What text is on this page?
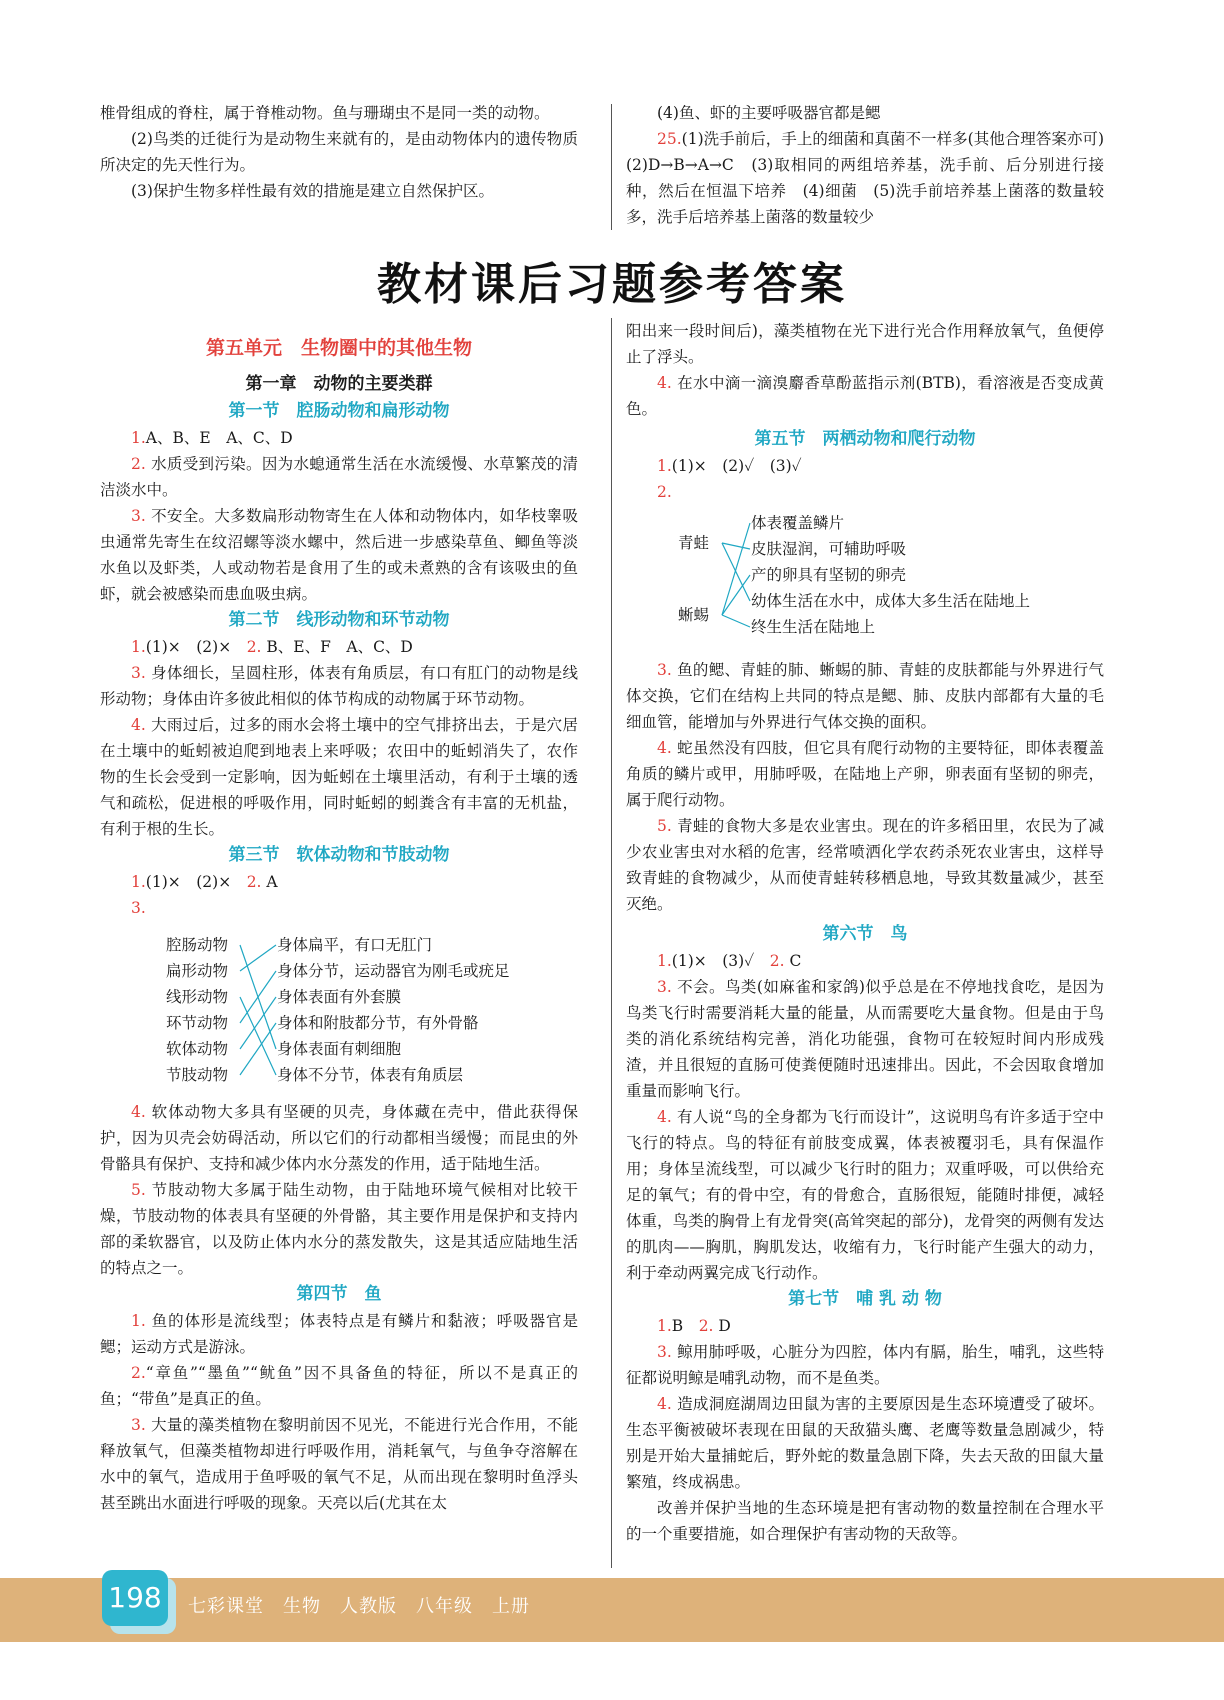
椎骨组成的脊柱，属于脊椎动物。鱼与珊瑚虫不是同一类的动物。

(2)鸟类的迁徙行为是动物生来就有的，是由动物体内的遗传物质所决定的先天性行为。

(3)保护生物多样性最有效的措施是建立自然保护区。

(4)鱼、虾的主要呼吸器官都是鳃

25.(1)洗手前后，手上的细菌和真菌不一样多(其他合理答案亦可)　(2)D→B→A→C　(3)取相同的两组培养基，洗手前、后分别进行接种，然后在恒温下培养　(4)细菌　(5)洗手前培养基上菌落的数量较多，洗手后培养基上菌落的数量较少

教材课后习题参考答案
第五单元　生物圈中的其他生物
第一章　动物的主要类群
第一节　腔肠动物和扁形动物

1.A、B、E　A、C、D

2. 水质受到污染。因为水螅通常生活在水流缓慢、水草繁茂的清洁淡水中。

3. 不安全。大多数扁形动物寄生在人体和动物体内，如华枝睾吸虫通常先寄生在纹沼螺等淡水螺中，然后进一步感染草鱼、鲫鱼等淡水鱼以及虾类，人或动物若是食用了生的或未煮熟的含有该吸虫的鱼虾，就会被感染而患血吸虫病。

第二节　线形动物和环节动物

1.(1)×　(2)×　2. B、E、F　A、C、D

3. 身体细长，呈圆柱形，体表有角质层，有口有肛门的动物是线形动物；身体由许多彼此相似的体节构成的动物属于环节动物。

4. 大雨过后，过多的雨水会将土壤中的空气排挤出去，于是穴居在土壤中的蚯蚓被迫爬到地表上来呼吸；农田中的蚯蚓消失了，农作物的生长会受到一定影响，因为蚯蚓在土壤里活动，有利于土壤的透气和疏松，促进根的呼吸作用，同时蚯蚓的蚓粪含有丰富的无机盐，有利于根的生长。

第三节　软体动物和节肢动物

1.(1)×　(2)×　2. A

3.

腔肠动物
扁形动物
线形动物
环节动物
软体动物
节肢动物
身体扁平，有口无肛门
身体分节，运动器官为刚毛或疣足
身体表面有外套膜
身体和附肢都分节，有外骨骼
身体表面有刺细胞
身体不分节，体表有角质层

4. 软体动物大多具有坚硬的贝壳，身体藏在壳中，借此获得保护，因为贝壳会妨碍活动，所以它们的行动都相当缓慢；而昆虫的外骨骼具有保护、支持和减少体内水分蒸发的作用，适于陆地生活。

5. 节肢动物大多属于陆生动物，由于陆地环境气候相对比较干燥，节肢动物的体表具有坚硬的外骨骼，其主要作用是保护和支持内部的柔软器官，以及防止体内水分的蒸发散失，这是其适应陆地生活的特点之一。

第四节　鱼

1. 鱼的体形是流线型；体表特点是有鳞片和黏液；呼吸器官是鳃；运动方式是游泳。

2.“章鱼”“墨鱼”“鱿鱼”因不具备鱼的特征，所以不是真正的鱼；“带鱼”是真正的鱼。

3. 大量的藻类植物在黎明前因不见光，不能进行光合作用，不能释放氧气，但藻类植物却进行呼吸作用，消耗氧气，与鱼争夺溶解在水中的氧气，造成用于鱼呼吸的氧气不足，从而出现在黎明时鱼浮头甚至跳出水面进行呼吸的现象。天亮以后(尤其在太

阳出来一段时间后)，藻类植物在光下进行光合作用释放氧气，鱼便停止了浮头。

4. 在水中滴一滴溴麝香草酚蓝指示剂(BTB)，看溶液是否变成黄色。

第五节　两栖动物和爬行动物

1.(1)×　(2)✓　(3)✓

2.

青蛙
蜥蜴
体表覆盖鳞片
皮肤湿润，可辅助呼吸
产的卵具有坚韧的卵壳
幼体生活在水中，成体大多生活在陆地上
终生生活在陆地上

3. 鱼的鳃、青蛙的肺、蜥蜴的肺、青蛙的皮肤都能与外界进行气体交换，它们在结构上共同的特点是鳃、肺、皮肤内部都有大量的毛细血管，能增加与外界进行气体交换的面积。

4. 蛇虽然没有四肢，但它具有爬行动物的主要特征，即体表覆盖角质的鳞片或甲，用肺呼吸，在陆地上产卵，卵表面有坚韧的卵壳，属于爬行动物。

5. 青蛙的食物大多是农业害虫。现在的许多稻田里，农民为了减少农业害虫对水稻的危害，经常喷洒化学农药杀死农业害虫，这样导致青蛙的食物减少，从而使青蛙转移栖息地，导致其数量减少，甚至灭绝。

第六节　鸟

1.(1)×　(3)✓　2. C

3. 不会。鸟类(如麻雀和家鸽)似乎总是在不停地找食吃，是因为鸟类飞行时需要消耗大量的能量，从而需要吃大量食物。但是由于鸟类的消化系统结构完善，消化功能强，食物可在较短时间内形成残渣，并且很短的直肠可使粪便随时迅速排出。因此，不会因取食增加重量而影响飞行。

4. 有人说“鸟的全身都为飞行而设计”，这说明鸟有许多适于空中飞行的特点。鸟的特征有前肢变成翼，体表被覆羽毛，具有保温作用；身体呈流线型，可以减少飞行时的阻力；双重呼吸，可以供给充足的氧气；有的骨中空，有的骨愈合，直肠很短，能随时排便，减轻体重，鸟类的胸骨上有龙骨突(高耸突起的部分)，龙骨突的两侧有发达的肌肉——胸肌，胸肌发达，收缩有力，飞行时能产生强大的动力，利于牵动两翼完成飞行动作。

第七节　哺 乳 动 物

1.B　2. D

3. 鲸用肺呼吸，心脏分为四腔，体内有膈，胎生，哺乳，这些特征都说明鲸是哺乳动物，而不是鱼类。

4. 造成洞庭湖周边田鼠为害的主要原因是生态环境遭受了破坏。生态平衡被破坏表现在田鼠的天敌猫头鹰、老鹰等数量急剧减少，特别是开始大量捕蛇后，野外蛇的数量急剧下降，失去天敌的田鼠大量繁殖，终成祸患。

改善并保护当地的生态环境是把有害动物的数量控制在合理水平的一个重要措施，如合理保护有害动物的天敌等。

198	七彩课堂　生物　人教版　八年级　上册
